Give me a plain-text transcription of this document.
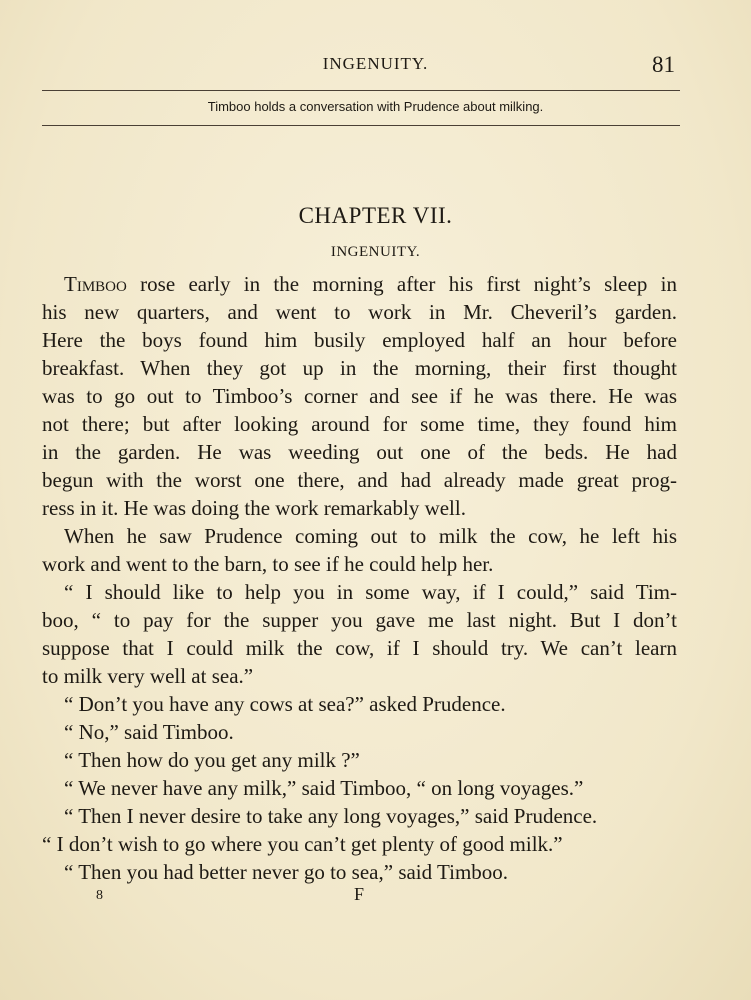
INGENUITY.	81
Timboo holds a conversation with Prudence about milking.
CHAPTER VII.
INGENUITY.
Timboo rose early in the morning after his first night’s sleep in
his new quarters, and went to work in Mr. Cheveril’s garden.
Here the boys found him busily employed half an hour before
breakfast. When they got up in the morning, their first thought
was to go out to Timboo’s corner and see if he was there. He was
not there; but after looking around for some time, they found him
in the garden. He was weeding out one of the beds. He had
begun with the worst one there, and had already made great prog-
ress in it. He was doing the work remarkably well.
When he saw Prudence coming out to milk the cow, he left his
work and went to the barn, to see if he could help her.
“ I should like to help you in some way, if I could,” said Tim-
boo, “ to pay for the supper you gave me last night. But I don’t
suppose that I could milk the cow, if I should try. We can’t learn
to milk very well at sea.”
“ Don’t you have any cows at sea?” asked Prudence.
“ No,” said Timboo.
“ Then how do you get any milk ?”
“ We never have any milk,” said Timboo, “ on long voyages.”
“ Then I never desire to take any long voyages,” said Prudence.
“ I don’t wish to go where you can’t get plenty of good milk.”
“ Then you had better never go to sea,” said Timboo.
8	F
